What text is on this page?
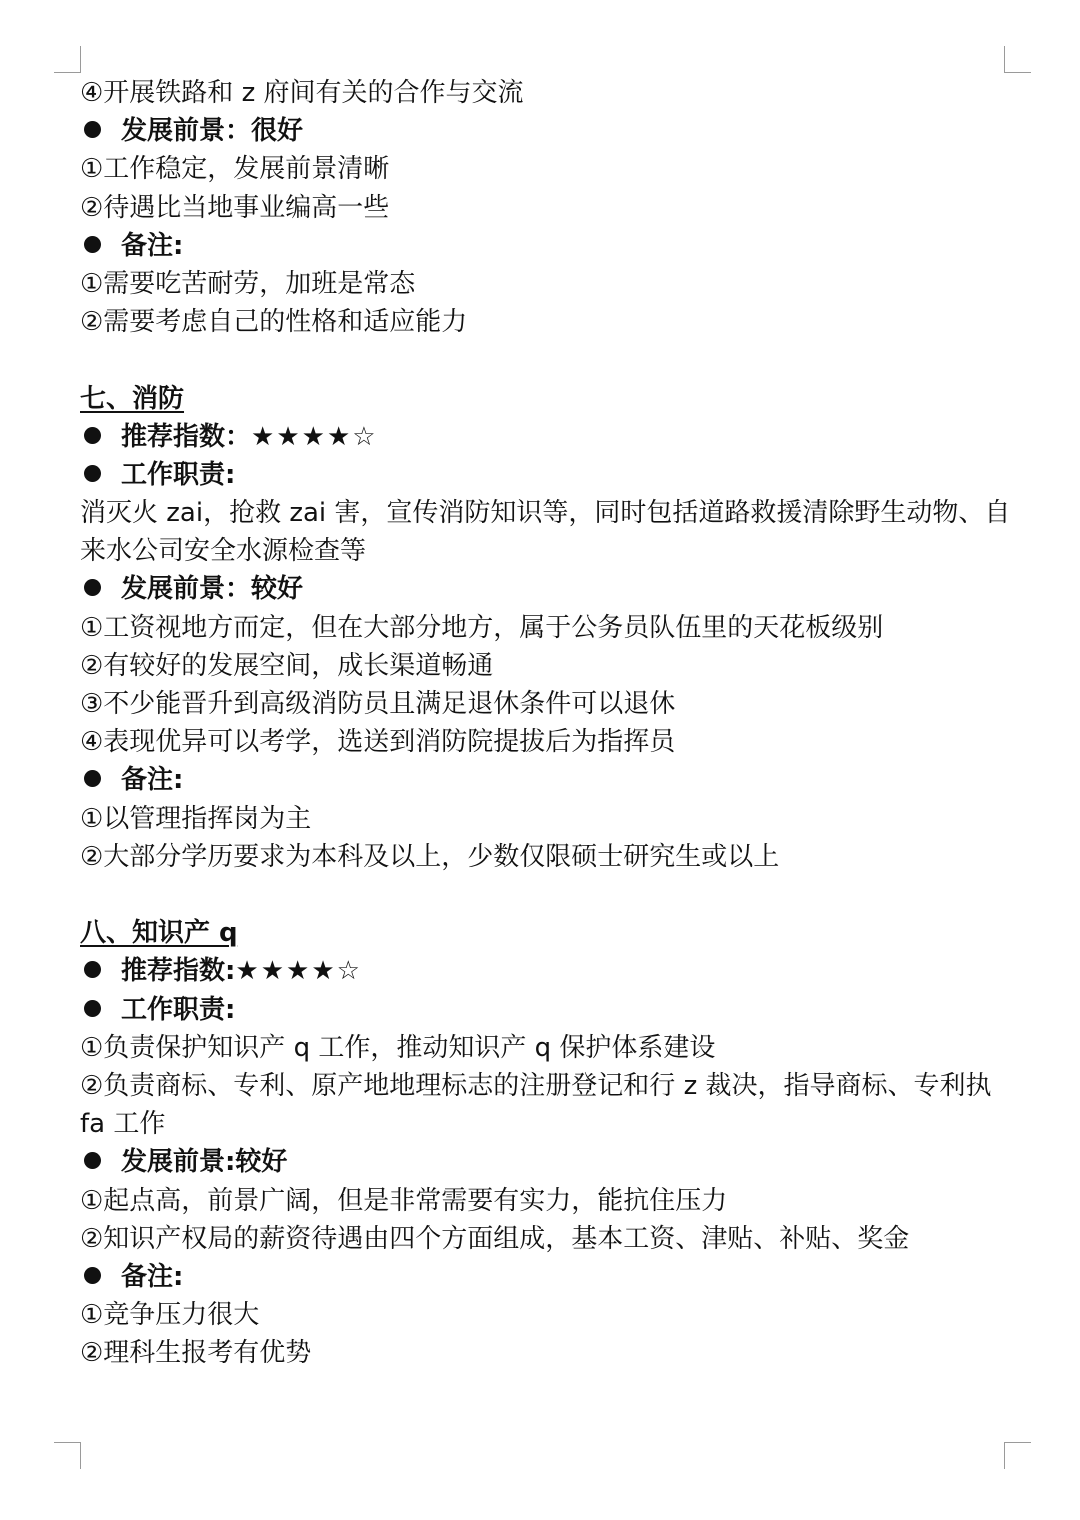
④开展铁路和 z 府间有关的合作与交流
发展前景：很好
①工作稳定，发展前景清晰
②待遇比当地事业编高一些
备注:
①需要吃苦耐劳，加班是常态
②需要考虑自己的性格和适应能力
七、消防
推荐指数：★★★★☆
工作职责:
消灭火 zai，抢救 zai 害，宣传消防知识等，同时包括道路救援清除野生动物、自来水公司安全水源检查等
发展前景：较好
①工资视地方而定，但在大部分地方，属于公务员队伍里的天花板级别
②有较好的发展空间，成长渠道畅通
③不少能晋升到高级消防员且满足退休条件可以退休
④表现优异可以考学，选送到消防院提拔后为指挥员
备注:
①以管理指挥岗为主
②大部分学历要求为本科及以上，少数仅限硕士研究生或以上
八、知识产 q
推荐指数:★★★★☆
工作职责:
①负责保护知识产 q 工作，推动知识产 q 保护体系建设
②负责商标、专利、原产地地理标志的注册登记和行 z 裁决，指导商标、专利执 fa 工作
发展前景:较好
①起点高，前景广阔，但是非常需要有实力，能抗住压力
②知识产权局的薪资待遇由四个方面组成，基本工资、津贴、补贴、奖金
备注:
①竞争压力很大
②理科生报考有优势
